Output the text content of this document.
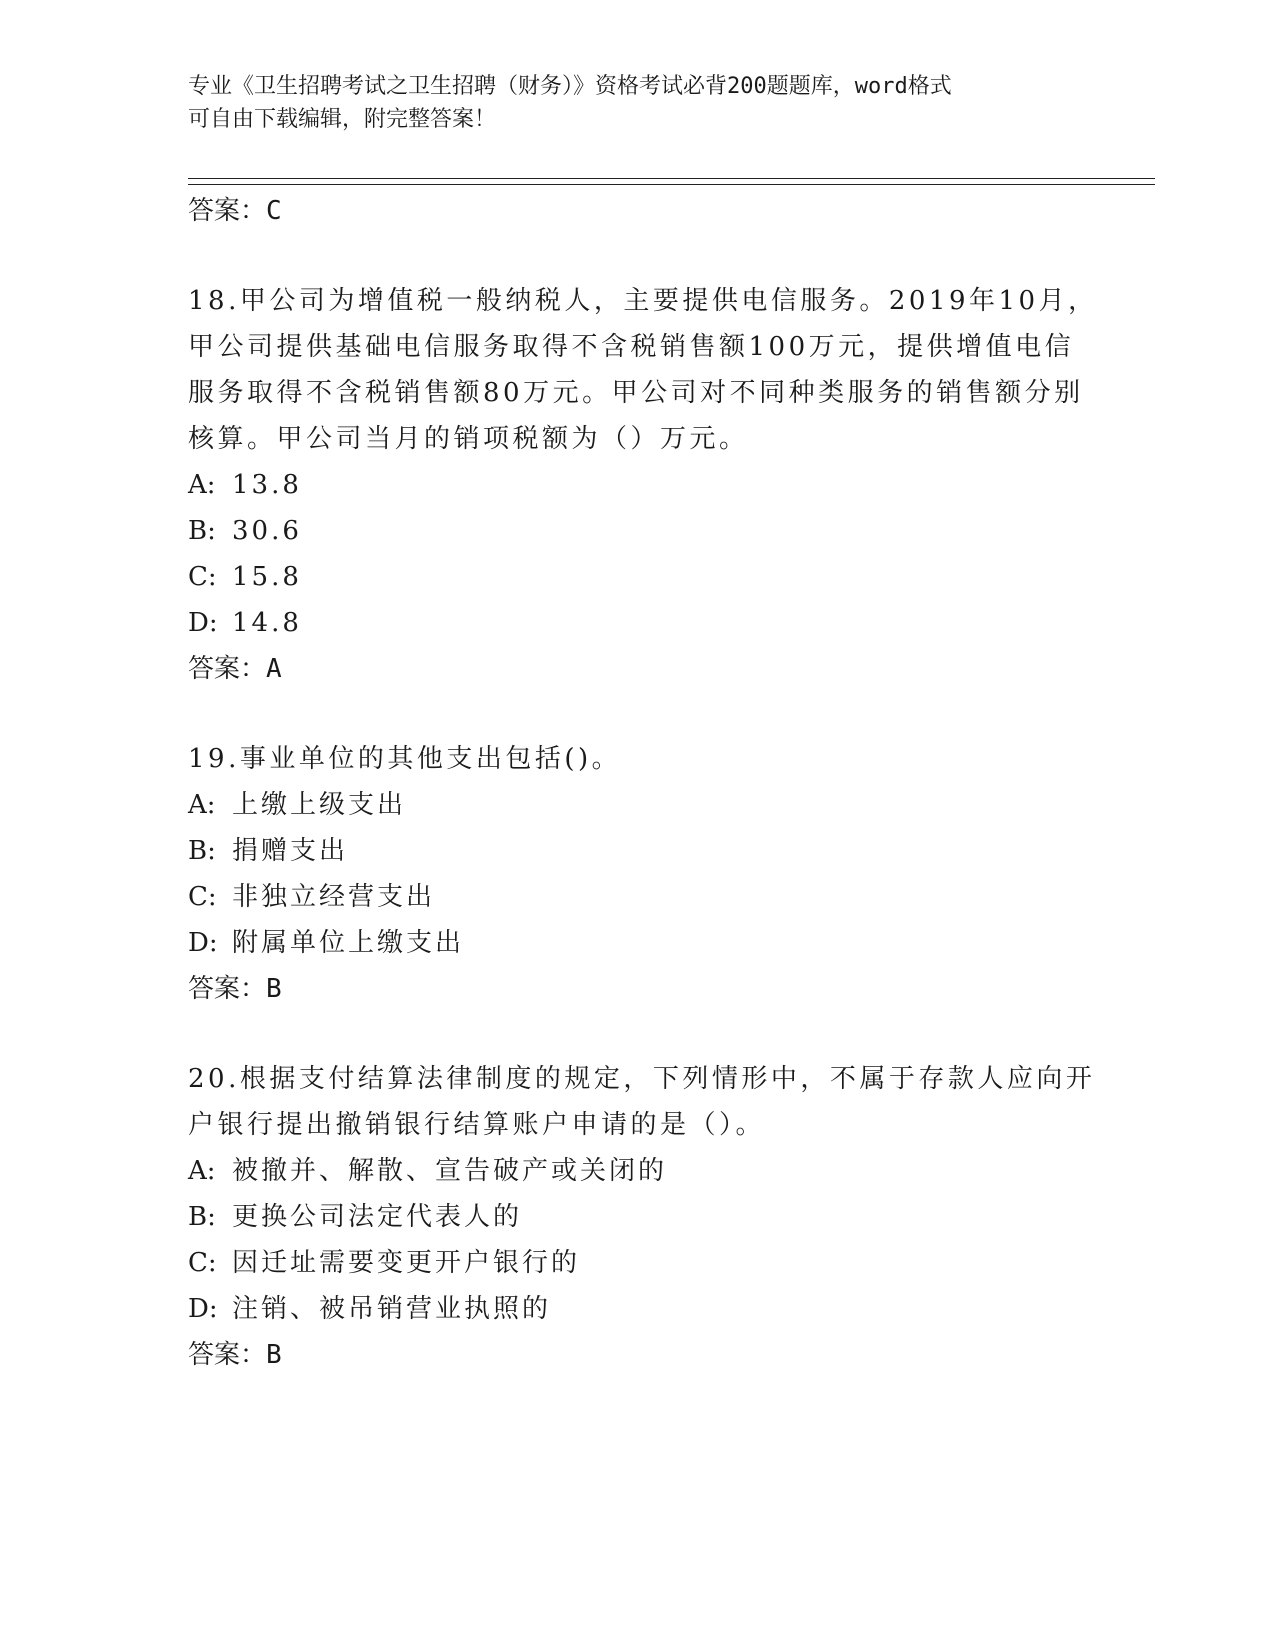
专业《卫生招聘考试之卫生招聘（财务）》资格考试必背200题题库，word格式
可自由下载编辑，附完整答案！
答案：C
18.甲公司为增值税一般纳税人，主要提供电信服务。2019年10月，
甲公司提供基础电信服务取得不含税销售额100万元，提供增值电信
服务取得不含税销售额80万元。甲公司对不同种类服务的销售额分别
核算。甲公司当月的销项税额为（）万元。
A: 13.8
B: 30.6
C: 15.8
D: 14.8
答案：A
19.事业单位的其他支出包括()。
A: 上缴上级支出
B: 捐赠支出
C: 非独立经营支出
D: 附属单位上缴支出
答案：B
20.根据支付结算法律制度的规定，下列情形中，不属于存款人应向开
户银行提出撤销银行结算账户申请的是（）。
A: 被撤并、解散、宣告破产或关闭的
B: 更换公司法定代表人的
C: 因迁址需要变更开户银行的
D: 注销、被吊销营业执照的
答案：B
